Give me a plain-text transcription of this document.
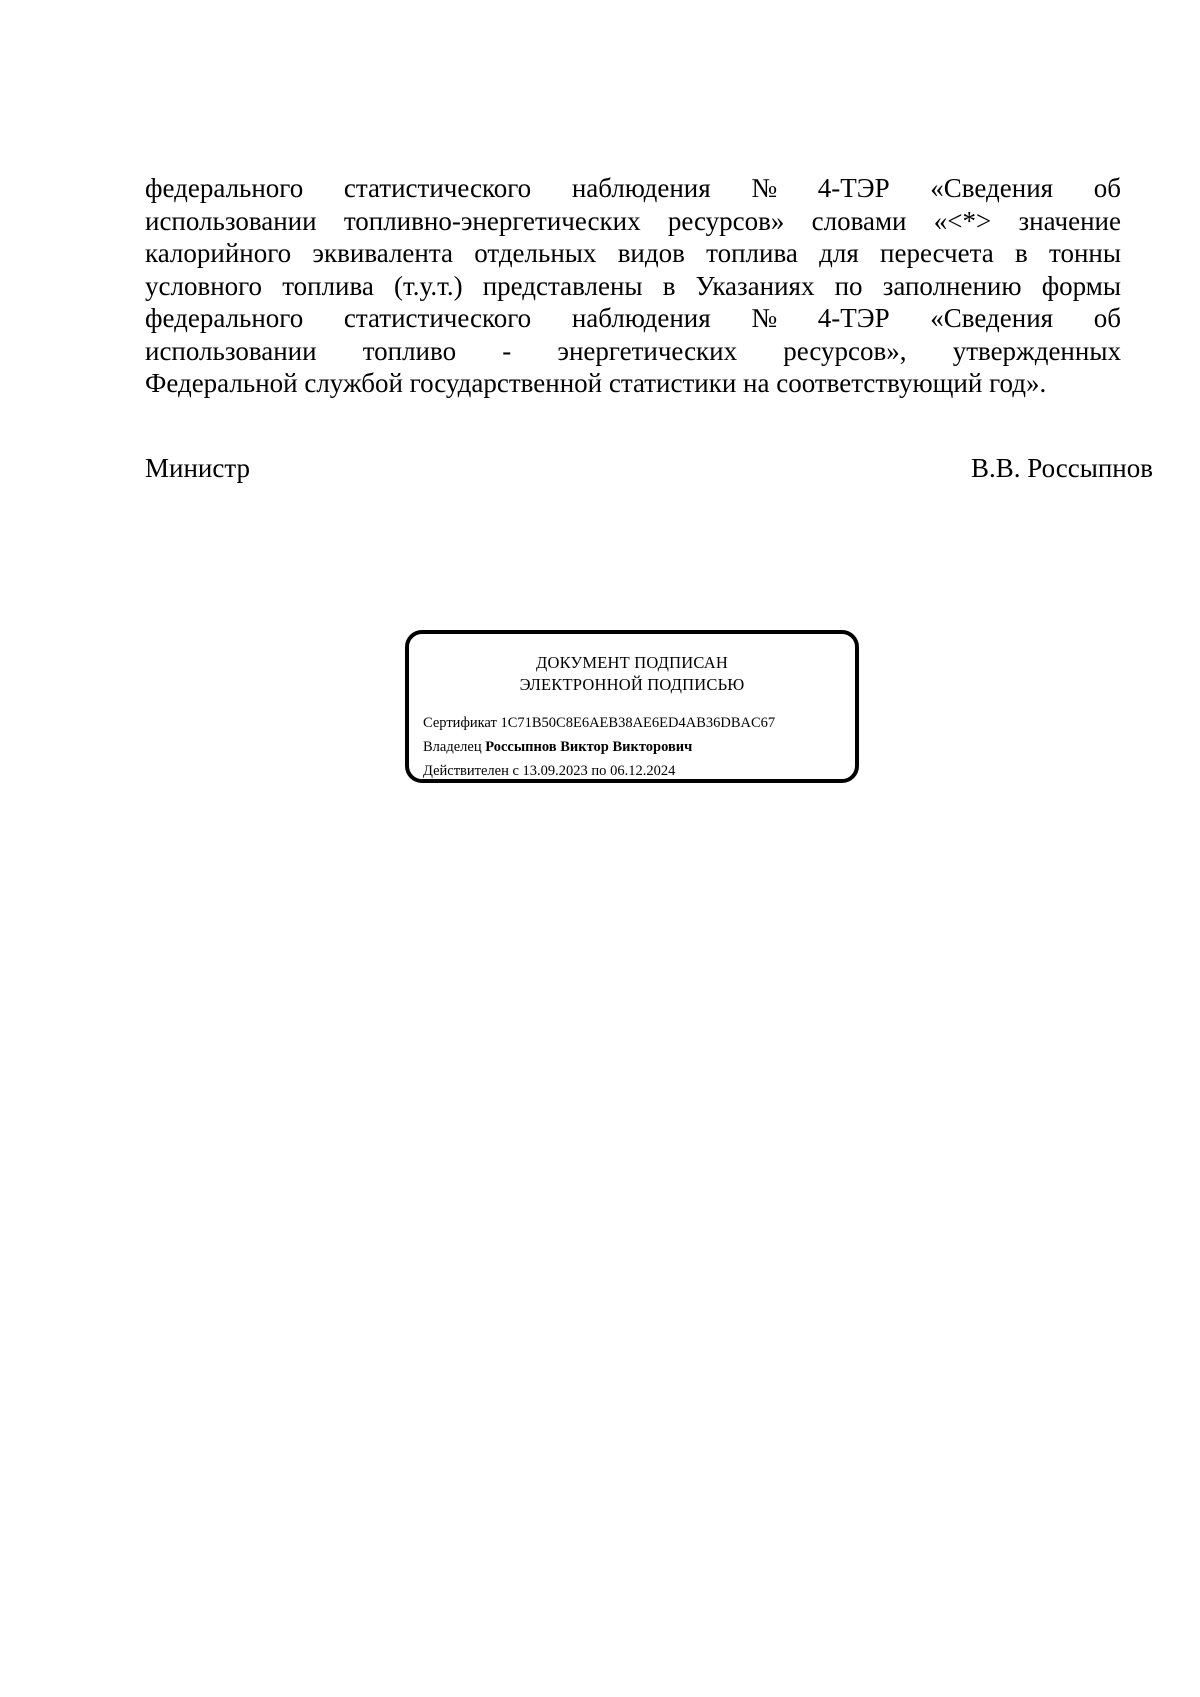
федерального статистического наблюдения № 4-ТЭР «Сведения об
использовании топливно-энергетических ресурсов» словами «<*> значение
калорийного эквивалента отдельных видов топлива для пересчета в тонны
условного топлива (т.у.т.) представлены в Указаниях по заполнению формы
федерального статистического наблюдения № 4-ТЭР «Сведения об
использовании топливо - энергетических ресурсов», утвержденных
Федеральной службой государственной статистики на соответствующий год».
Министр	В.В. Россыпнов
ДОКУМЕНТ ПОДПИСАН
ЭЛЕКТРОННОЙ ПОДПИСЬЮ
Сертификат 1C71B50C8E6AEB38AE6ED4AB36DBAC67
Владелец Россыпнов Виктор Викторович
Действителен с 13.09.2023 по 06.12.2024
